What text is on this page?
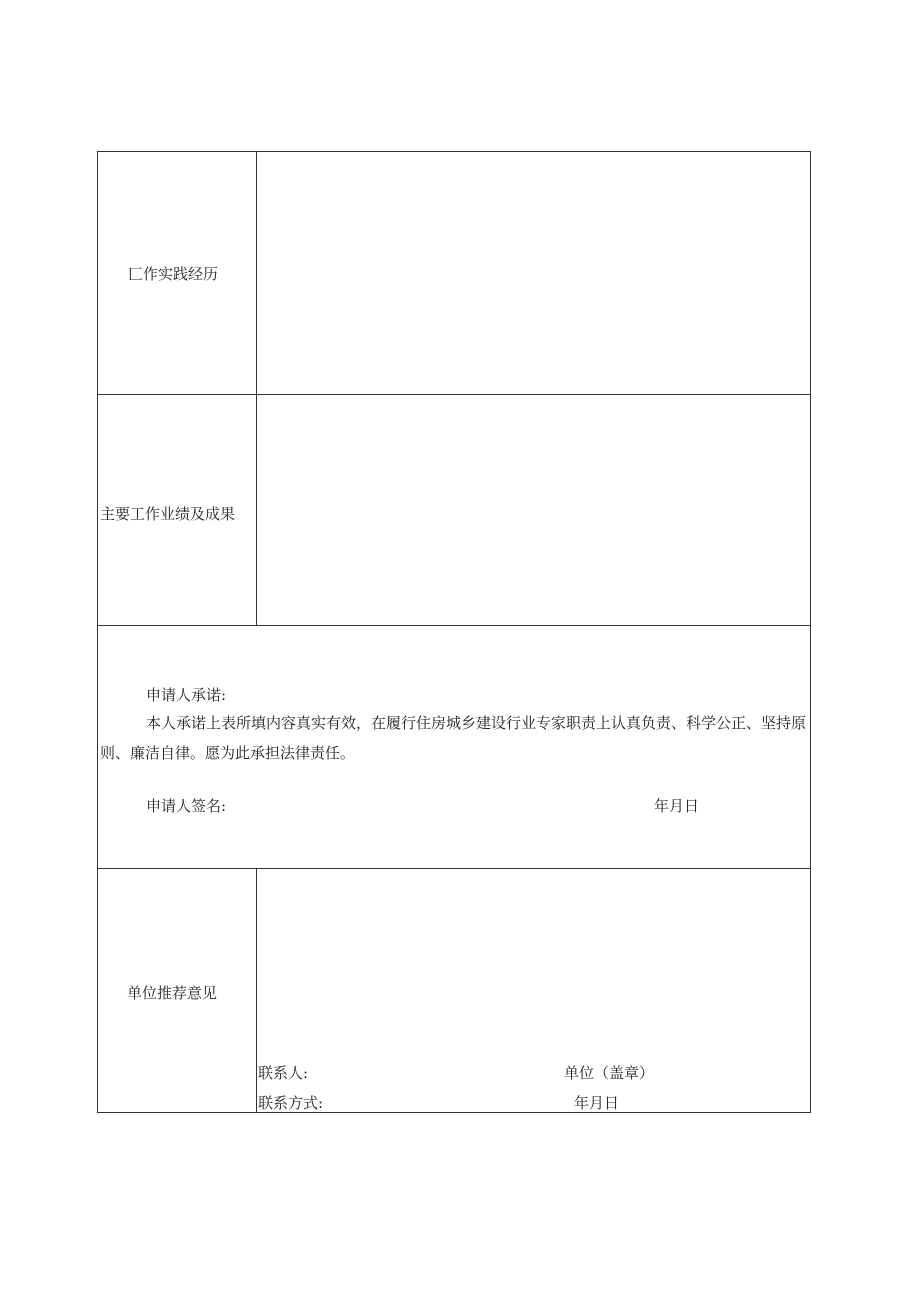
匚作实践经历
主要工作业绩及成果
申请人承诺:
本人承诺上表所填内容真实有效，在履行住房城乡建设行业专家职责上认真负责、科学公正、坚持原则、廉洁自律。愿为此承担法律责任。
申请人签名:	年月日
单位推荐意见
联系人:	单位（盖章）
联系方式:	年月日
